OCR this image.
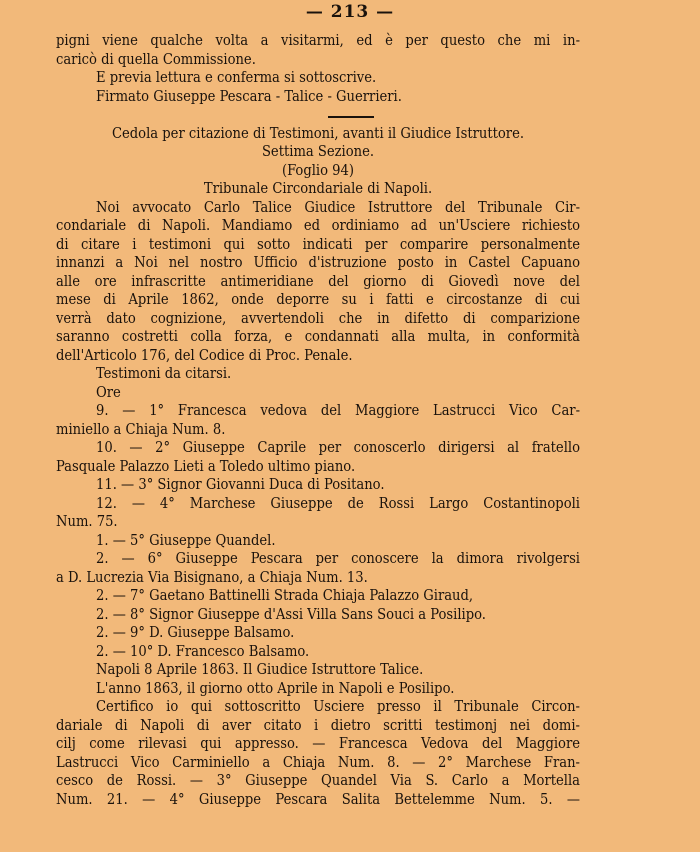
— 213 —
pigni viene qualche volta a visitarmi, ed è per questo che mi in-
caricò di quella Commissione.
E previa lettura e conferma si sottoscrive.
Firmato Giuseppe Pescara - Talice - Guerrieri.
Cedola per citazione di Testimoni, avanti il Giudice Istruttore.
Settima Sezione.
(Foglio 94)
Tribunale Circondariale di Napoli.
Noi avvocato Carlo Talice Giudice Istruttore del Tribunale Cir-
condariale di Napoli. Mandiamo ed ordiniamo ad un'Usciere richiesto
di citare i testimoni qui sotto indicati per comparire personalmente
innanzi a Noi nel nostro Ufficio d'istruzione posto in Castel Capuano
alle ore infrascritte antimeridiane del giorno di Giovedì nove del
mese di Aprile 1862, onde deporre su i fatti e circostanze di cui
verrà dato cognizione, avvertendoli che in difetto di comparizione
saranno costretti colla forza, e condannati alla multa, in conformità
dell'Articolo 176, del Codice di Proc. Penale.
Testimoni da citarsi.
Ore
9. — 1° Francesca vedova del Maggiore Lastrucci Vico Car-
miniello a Chiaja Num. 8.
10. — 2° Giuseppe Caprile per conoscerlo dirigersi al fratello
Pasquale Palazzo Lieti a Toledo ultimo piano.
11. — 3° Signor Giovanni Duca di Positano.
12. — 4° Marchese Giuseppe de Rossi Largo Costantinopoli
Num. 75.
1. — 5° Giuseppe Quandel.
2. — 6° Giuseppe Pescara per conoscere la dimora rivolgersi
a D. Lucrezia Via Bisignano, a Chiaja Num. 13.
2. — 7° Gaetano Battinelli Strada Chiaja Palazzo Giraud,
2. — 8° Signor Giuseppe d'Assi Villa Sans Souci a Posilipo.
2. — 9° D. Giuseppe Balsamo.
2. — 10° D. Francesco Balsamo.
Napoli 8 Aprile 1863. Il Giudice Istruttore Talice.
L'anno 1863, il giorno otto Aprile in Napoli e Posilipo.
Certifico io qui sottoscritto Usciere presso il Tribunale Circon-
dariale di Napoli di aver citato i dietro scritti testimonj nei domi-
cilj come rilevasi qui appresso. — Francesca Vedova del Maggiore
Lastrucci Vico Carminiello a Chiaja Num. 8. — 2° Marchese Fran-
cesco de Rossi. — 3° Giuseppe Quandel Via S. Carlo a Mortella
Num. 21. — 4° Giuseppe Pescara Salita Bettelemme Num. 5. —
